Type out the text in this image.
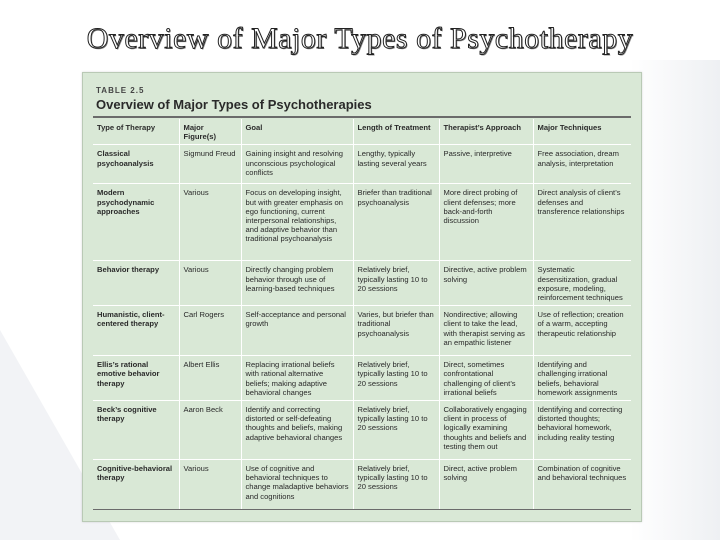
Overview of Major Types of Psychotherapy
TABLE 2.5
Overview of Major Types of Psychotherapies
Type of Therapy	Major Figure(s)	Goal	Length of Treatment	Therapist’s Approach	Major Techniques
Classical psychoanalysis	Sigmund Freud	Gaining insight and resolving unconscious psychological conflicts	Lengthy, typically lasting several years	Passive, interpretive	Free association, dream analysis, interpretation
Modern psychodynamic approaches	Various	Focus on developing insight, but with greater emphasis on ego functioning, current interpersonal relationships, and adaptive behavior than traditional psychoanalysis	Briefer than traditional psychoanalysis	More direct probing of client defenses; more back-and-forth discussion	Direct analysis of client’s defenses and transference relationships
Behavior therapy	Various	Directly changing problem behavior through use of learning-based techniques	Relatively brief, typically lasting 10 to 20 sessions	Directive, active problem solving	Systematic desensitization, gradual exposure, modeling, reinforcement techniques
Humanistic, client-centered therapy	Carl Rogers	Self-acceptance and personal growth	Varies, but briefer than traditional psychoanalysis	Nondirective; allowing client to take the lead, with therapist serving as an empathic listener	Use of reflection; creation of a warm, accepting therapeutic relationship
Ellis’s rational emotive behavior therapy	Albert Ellis	Replacing irrational beliefs with rational alternative beliefs; making adaptive behavioral changes	Relatively brief, typically lasting 10 to 20 sessions	Direct, sometimes confrontational challenging of client’s irrational beliefs	Identifying and challenging irrational beliefs, behavioral homework assignments
Beck’s cognitive therapy	Aaron Beck	Identify and correcting distorted or self-defeating thoughts and beliefs, making adaptive behavioral changes	Relatively brief, typically lasting 10 to 20 sessions	Collaboratively engaging client in process of logically examining thoughts and beliefs and testing them out	Identifying and correcting distorted thoughts; behavioral homework, including reality testing
Cognitive-behavioral therapy	Various	Use of cognitive and behavioral techniques to change maladaptive behaviors and cognitions	Relatively brief, typically lasting 10 to 20 sessions	Direct, active problem solving	Combination of cognitive and behavioral techniques
